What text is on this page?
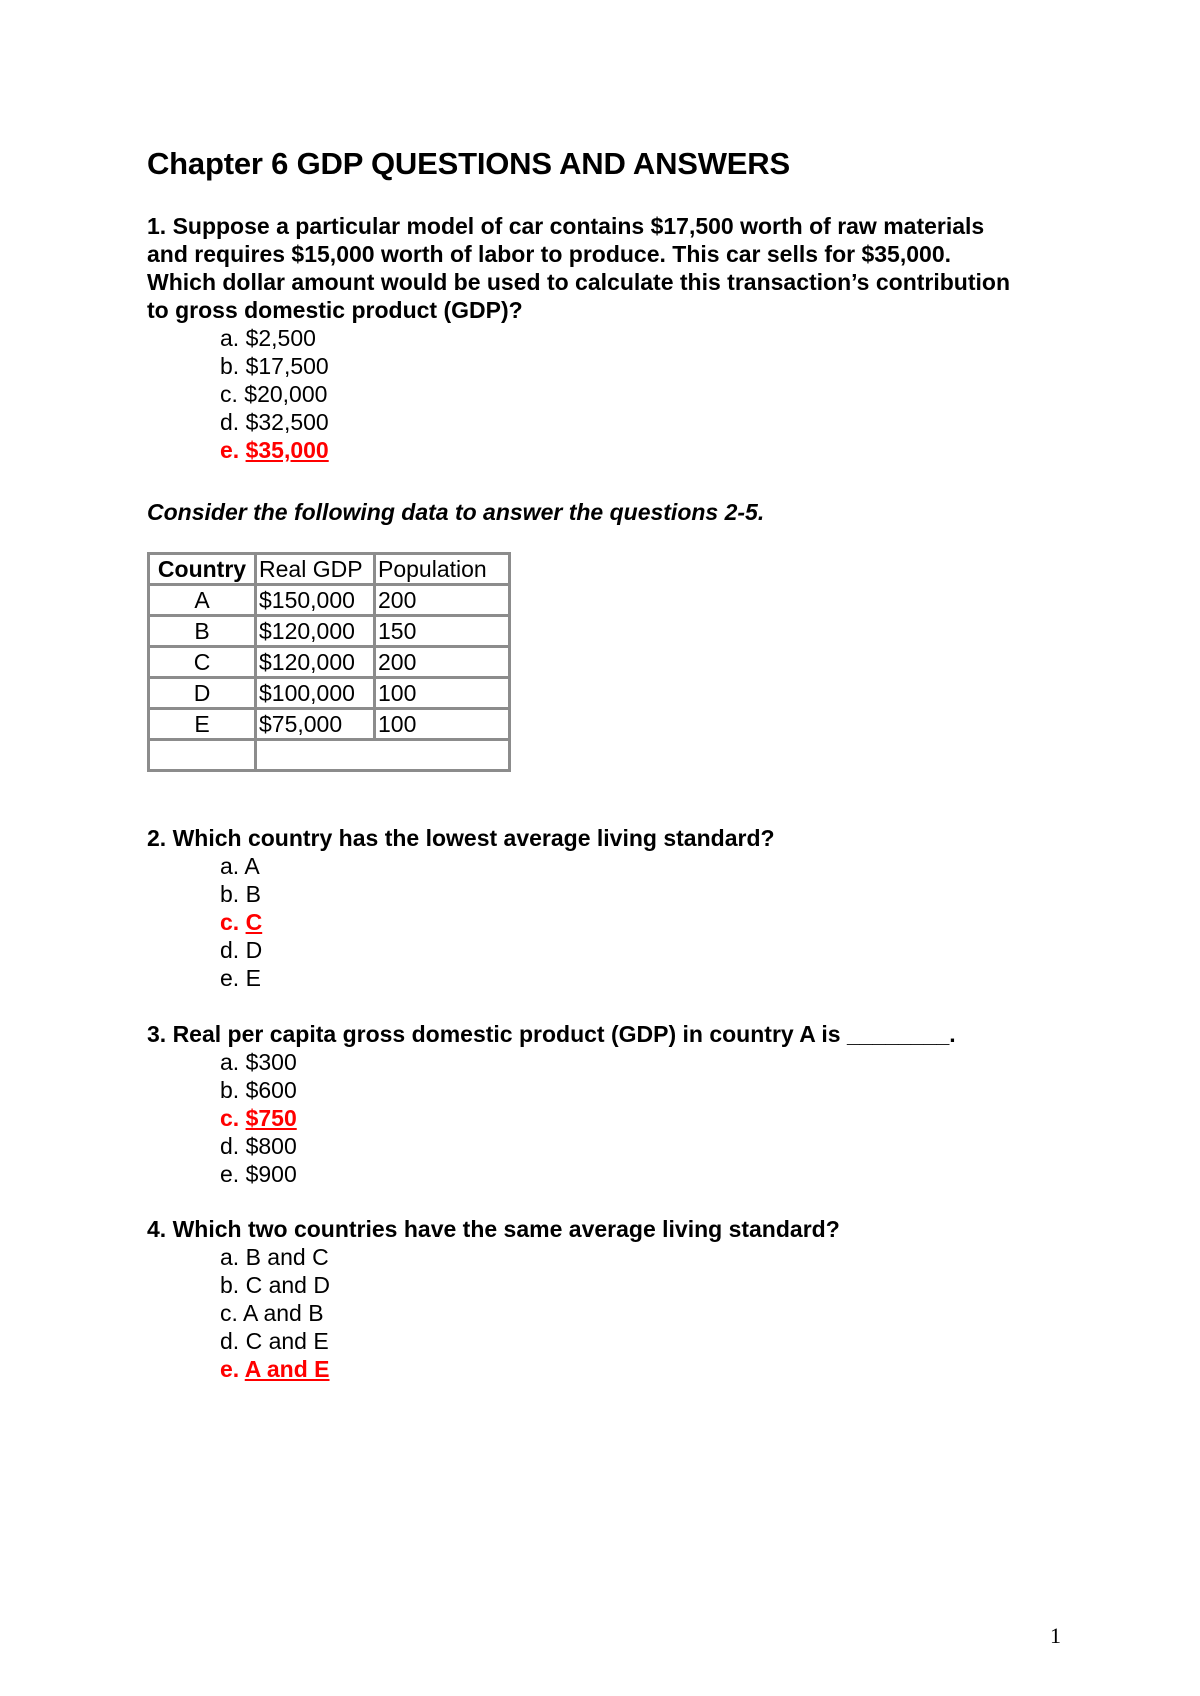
Chapter 6 GDP QUESTIONS AND ANSWERS

1. Suppose a particular model of car contains $17,500 worth of raw materials
and requires $15,000 worth of labor to produce. This car sells for $35,000.
Which dollar amount would be used to calculate this transaction’s contribution
to gross domestic product (GDP)?

a. $2,500
b. $17,500
c. $20,000
d. $32,500
e. $35,000

Consider the following data to answer the questions 2-5.

Country	Real GDP	Population
A	$150,000	200
B	$120,000	150
C	$120,000	200
D	$100,000	100
E	$75,000	100

2. Which country has the lowest average living standard?

a. A
b. B
c. C
d. D
e. E

3. Real per capita gross domestic product (GDP) in country A is ________.

a. $300
b. $600
c. $750
d. $800
e. $900

4. Which two countries have the same average living standard?

a. B and C
b. C and D
c. A and B
d. C and E
e. A and E
1
